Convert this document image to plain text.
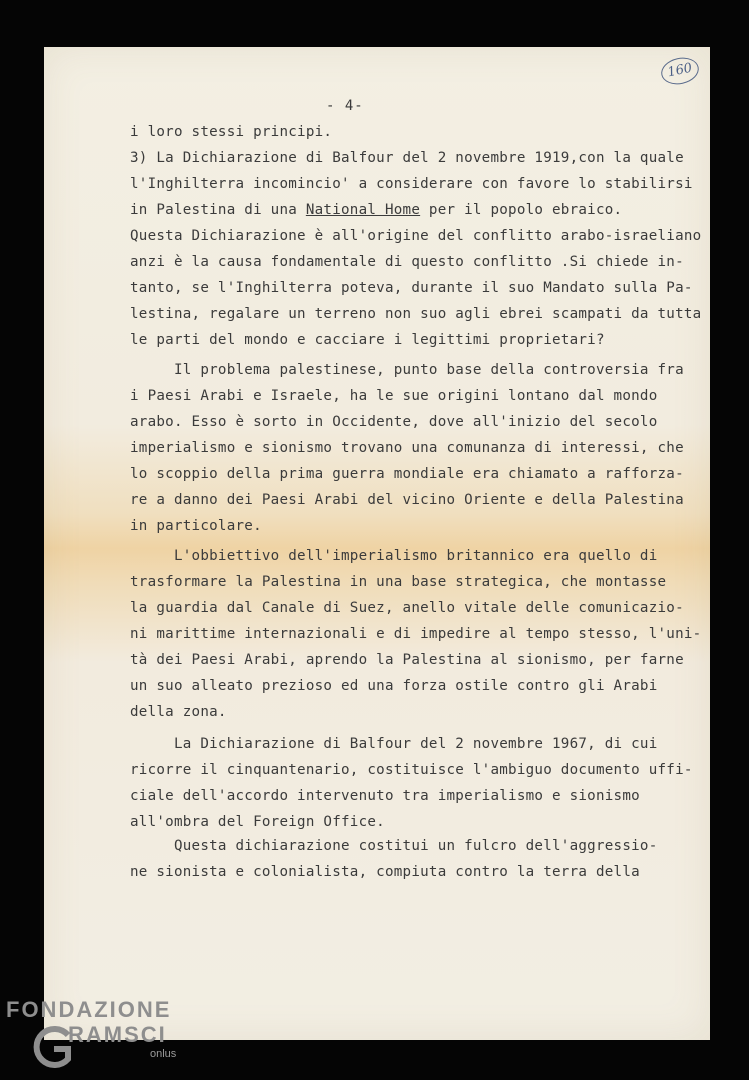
160
- 4-
i loro stessi principi.
3) La Dichiarazione di Balfour del 2 novembre 1919,con la quale
l'Inghilterra incomincio' a considerare con favore lo stabilirsi
in Palestina di una National Home per il popolo ebraico.
Questa Dichiarazione è all'origine del conflitto arabo-israeliano
anzi è la causa fondamentale di questo conflitto .Si chiede in-
tanto, se l'Inghilterra poteva, durante il suo Mandato sulla Pa-
lestina, regalare un terreno non suo agli ebrei scampati da tutta
le parti del mondo e cacciare i legittimi proprietari?
Il problema palestinese, punto base della controversia fra
i Paesi Arabi e Israele, ha le sue origini lontano dal mondo
arabo. Esso è sorto in Occidente, dove all'inizio del secolo
imperialismo e sionismo trovano una comunanza di interessi, che
lo scoppio della prima guerra mondiale era chiamato a rafforza-
re a danno dei Paesi Arabi del vicino Oriente e della Palestina
in particolare.
L'obbiettivo dell'imperialismo britannico era quello di
trasformare la Palestina in una base strategica, che montasse
la guardia dal Canale di Suez, anello vitale delle comunicazio-
ni marittime internazionali e di impedire al tempo stesso, l'uni-
tà dei Paesi Arabi, aprendo la Palestina al sionismo, per farne
un suo alleato prezioso ed una forza ostile contro gli Arabi
della zona.
La Dichiarazione di Balfour del 2 novembre 1967, di cui
ricorre il cinquantenario, costituisce l'ambiguo documento uffi-
ciale dell'accordo intervenuto tra imperialismo e sionismo
all'ombra del Foreign Office.
Questa dichiarazione costitui un fulcro dell'aggressio-
ne sionista e colonialista, compiuta contro la terra della
FONDAZIONE
RAMSCI
onlus
